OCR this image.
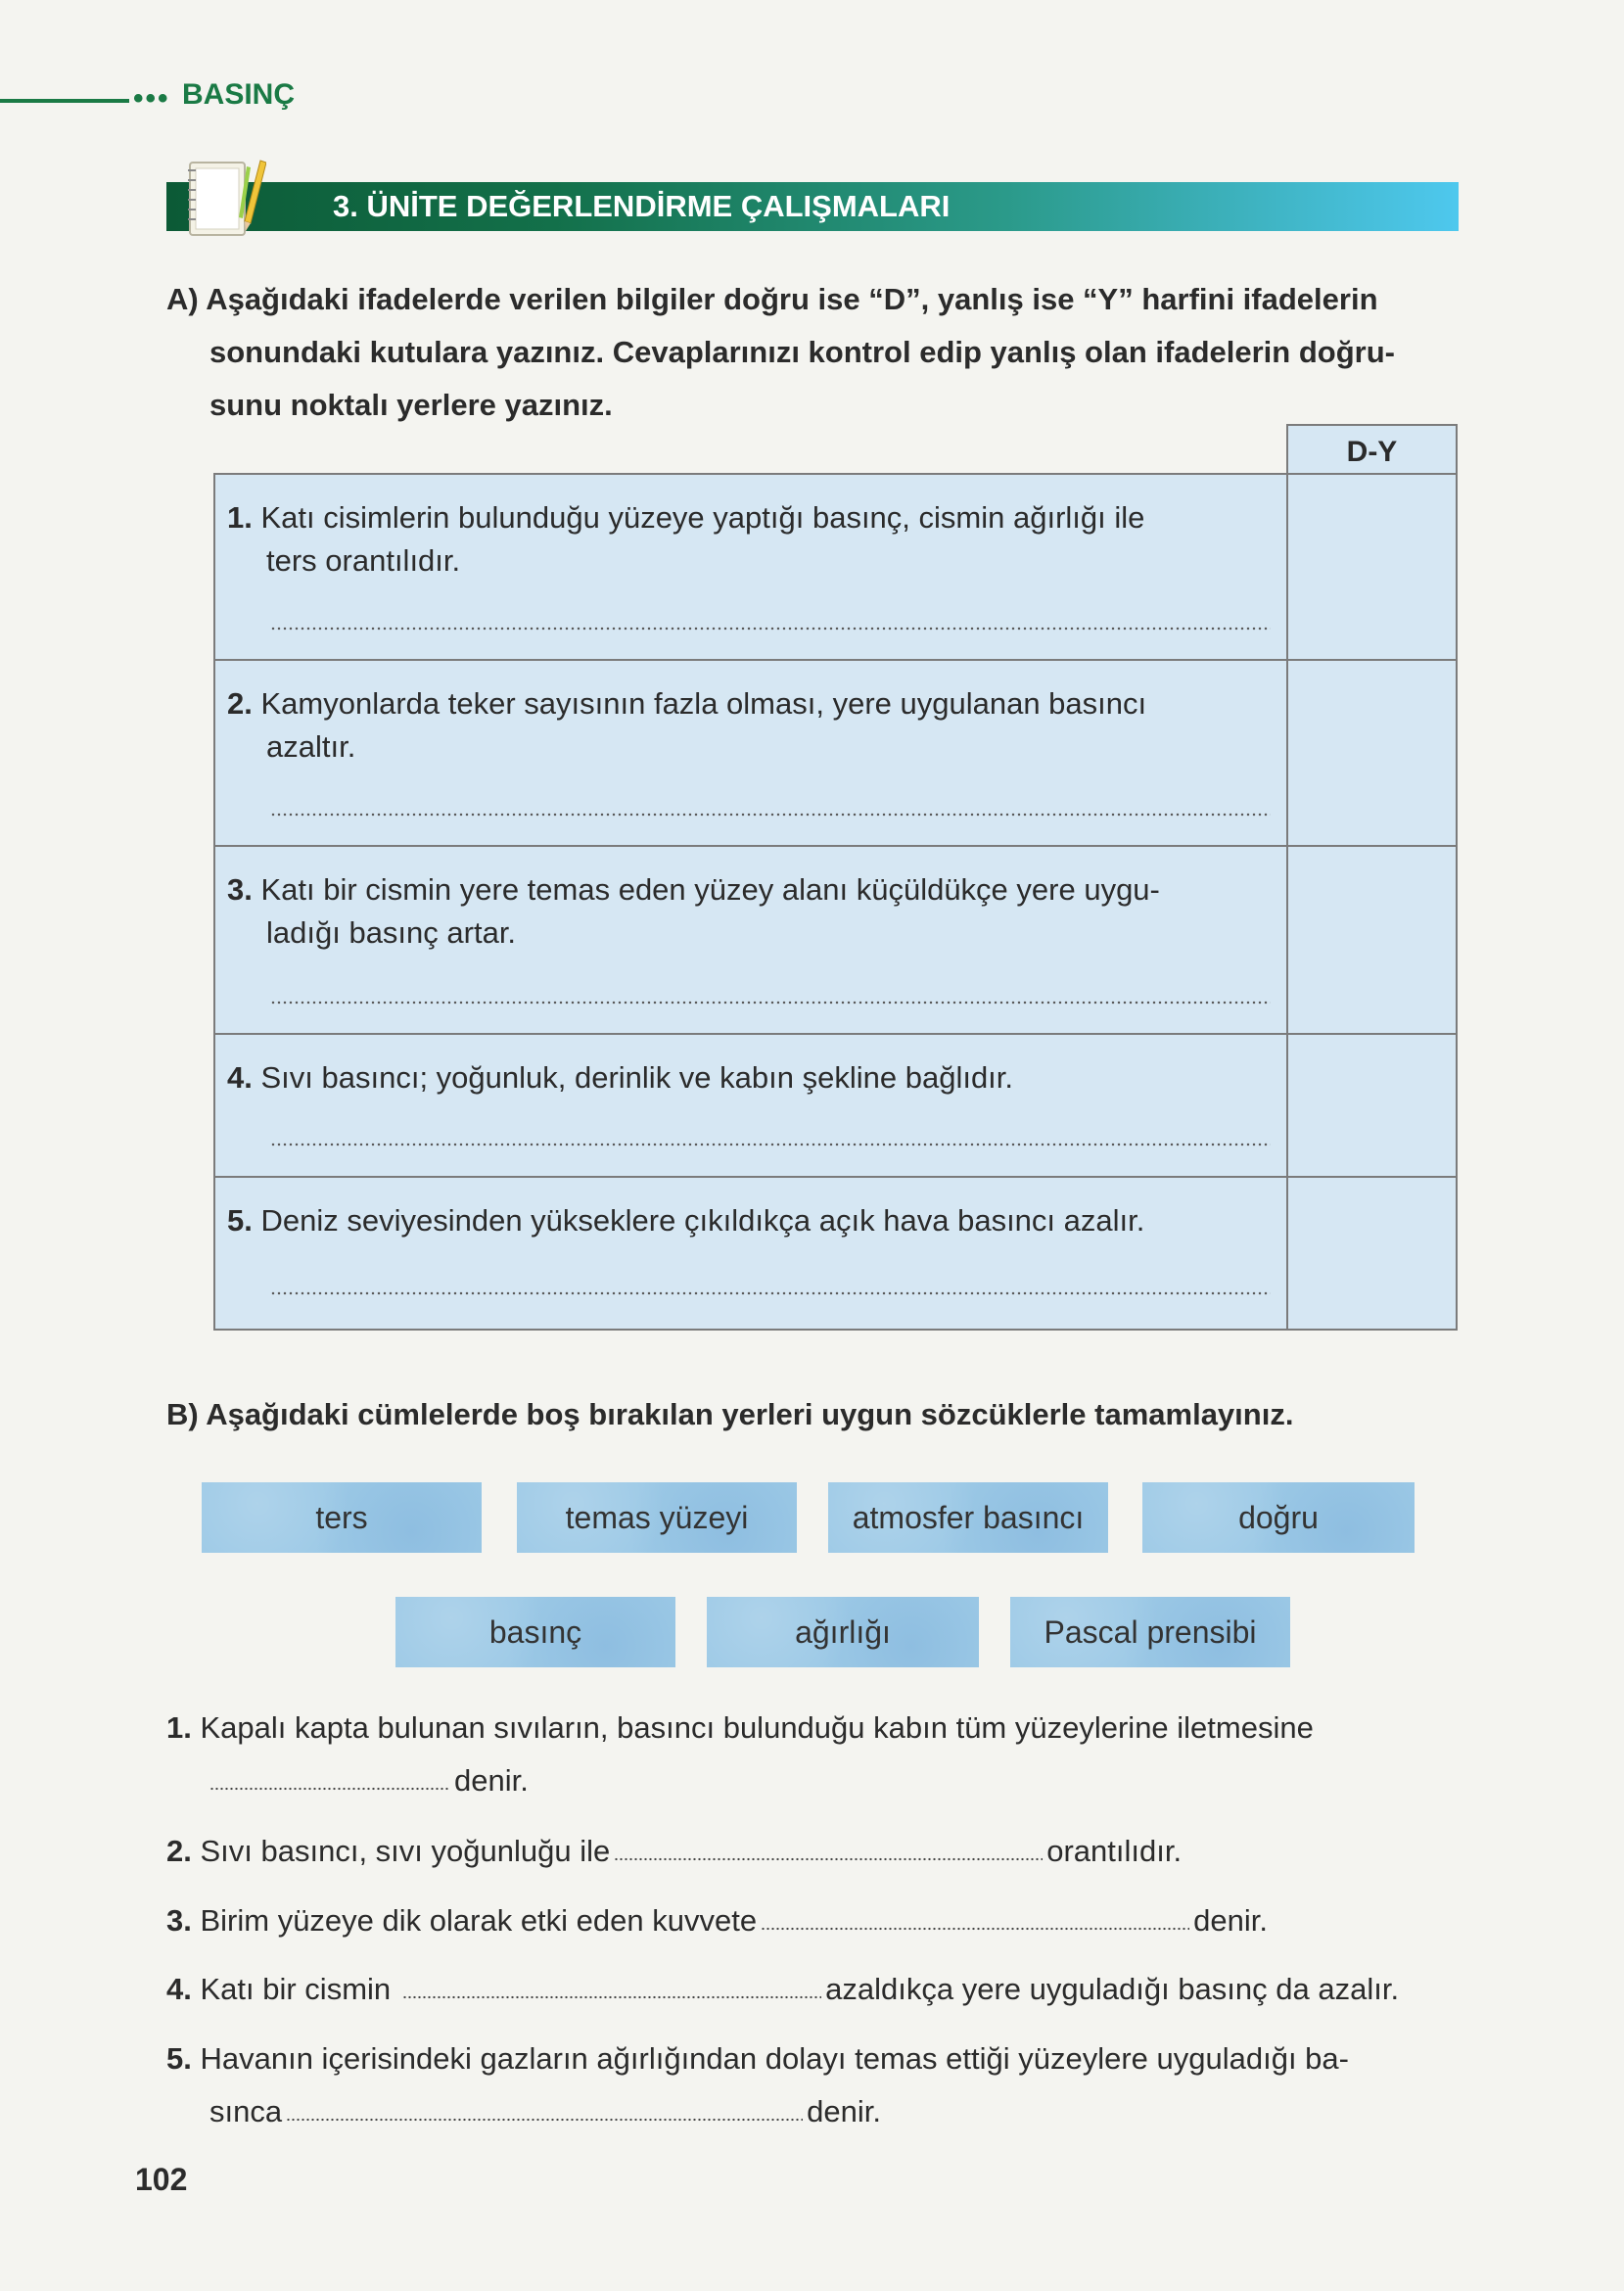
••• BASINÇ
3. ÜNİTE DEĞERLENDİRME ÇALIŞMALARI
A) Aşağıdaki ifadelerde verilen bilgiler doğru ise “D”, yanlış ise “Y” harfini ifadelerin
sonundaki kutulara yazınız. Cevaplarınızı kontrol edip yanlış olan ifadelerin doğru-
sunu noktalı yerlere yazınız.
D-Y
1. Katı cisimlerin bulunduğu yüzeye yaptığı basınç, cismin ağırlığı ile
ters orantılıdır.
2. Kamyonlarda teker sayısının fazla olması, yere uygulanan basıncı
azaltır.
3. Katı bir cismin yere temas eden yüzey alanı küçüldükçe yere uygu-
ladığı basınç artar.
4. Sıvı basıncı; yoğunluk, derinlik ve kabın şekline bağlıdır.
5. Deniz seviyesinden yükseklere çıkıldıkça açık hava basıncı azalır.
B) Aşağıdaki cümlelerde boş bırakılan yerleri uygun sözcüklerle tamamlayınız.
ters	temas yüzeyi	atmosfer basıncı	doğru
basınç	ağırlığı	Pascal prensibi
1. Kapalı kapta bulunan sıvıların, basıncı bulunduğu kabın tüm yüzeylerine iletmesine
denir.
2. Sıvı basıncı, sıvı yoğunluğu ile	orantılıdır.
3. Birim yüzeye dik olarak etki eden kuvvete	denir.
4. Katı bir cismin	azaldıkça yere uyguladığı basınç da azalır.
5. Havanın içerisindeki gazların ağırlığından dolayı temas ettiği yüzeylere uyguladığı ba-
sınca	denir.
102
